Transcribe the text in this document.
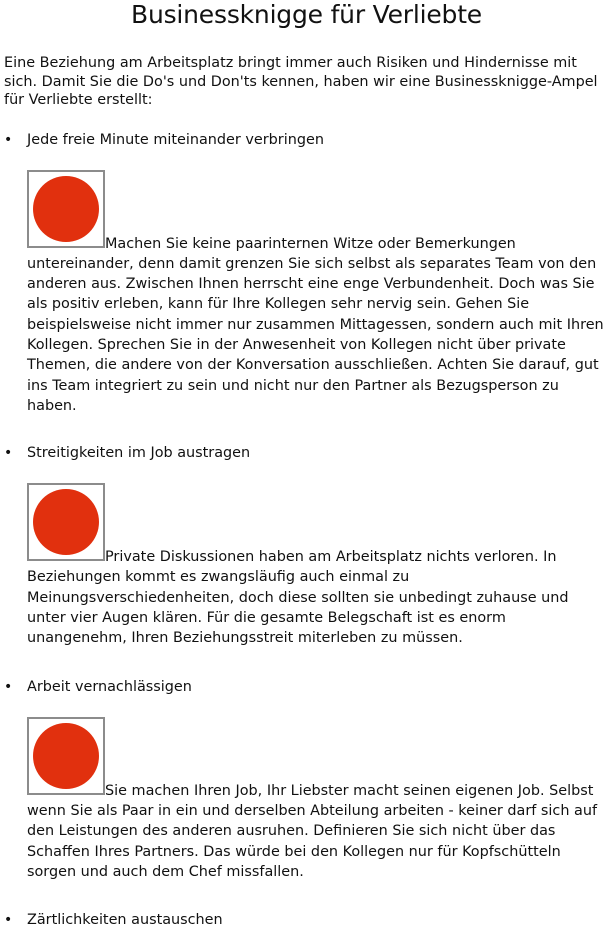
Businessknigge für Verliebte

Eine Beziehung am Arbeitsplatz bringt immer auch Risiken und Hindernisse mit sich. Damit Sie die Do's und Don'ts kennen, haben wir eine Businessknigge-Ampel für Verliebte erstellt:

• Jede freie Minute miteinander verbringen
Machen Sie keine paarinternen Witze oder Bemerkungen untereinander, denn damit grenzen Sie sich selbst als separates Team von den anderen aus. Zwischen Ihnen herrscht eine enge Verbundenheit. Doch was Sie als positiv erleben, kann für Ihre Kollegen sehr nervig sein. Gehen Sie beispielsweise nicht immer nur zusammen Mittagessen, sondern auch mit Ihren Kollegen. Sprechen Sie in der Anwesenheit von Kollegen nicht über private Themen, die andere von der Konversation ausschließen. Achten Sie darauf, gut ins Team integriert zu sein und nicht nur den Partner als Bezugsperson zu haben.
• Streitigkeiten im Job austragen
Private Diskussionen haben am Arbeitsplatz nichts verloren. In Beziehungen kommt es zwangsläufig auch einmal zu Meinungsverschiedenheiten, doch diese sollten sie unbedingt zuhause und unter vier Augen klären. Für die gesamte Belegschaft ist es enorm unangenehm, Ihren Beziehungsstreit miterleben zu müssen.
• Arbeit vernachlässigen
Sie machen Ihren Job, Ihr Liebster macht seinen eigenen Job. Selbst wenn Sie als Paar in ein und derselben Abteilung arbeiten - keiner darf sich auf den Leistungen des anderen ausruhen. Definieren Sie sich nicht über das Schaffen Ihres Partners. Das würde bei den Kollegen nur für Kopfschütteln sorgen und auch dem Chef missfallen.
• Zärtlichkeiten austauschen
